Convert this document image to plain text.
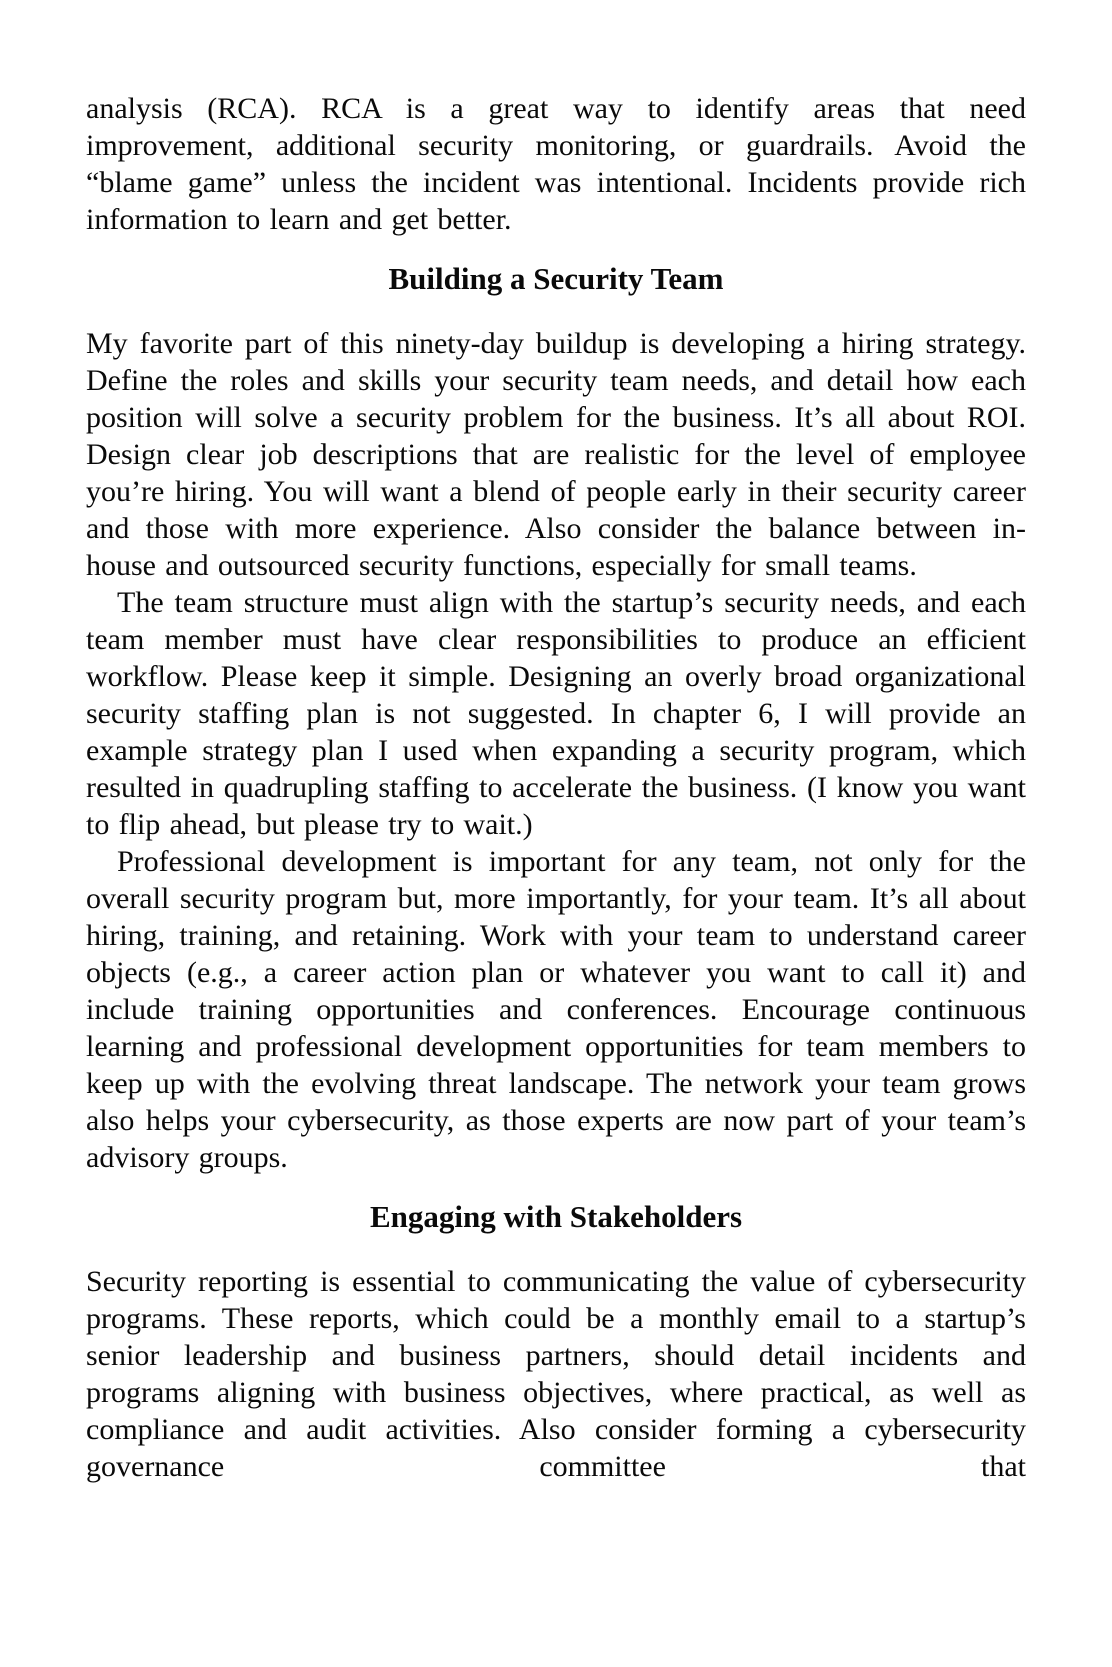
analysis (RCA). RCA is a great way to identify areas that need improvement, additional security monitoring, or guardrails. Avoid the “blame game” unless the incident was intentional. Incidents provide rich information to learn and get better.

Building a Security Team

My favorite part of this ninety-day buildup is developing a hiring strategy. Define the roles and skills your security team needs, and detail how each position will solve a security problem for the business. It’s all about ROI. Design clear job descriptions that are realistic for the level of employee you’re hiring. You will want a blend of people early in their security career and those with more experience. Also consider the balance between in-house and outsourced security functions, especially for small teams.

The team structure must align with the startup’s security needs, and each team member must have clear responsibilities to produce an efficient workflow. Please keep it simple. Designing an overly broad organizational security staffing plan is not suggested. In chapter 6, I will provide an example strategy plan I used when expanding a security program, which resulted in quadrupling staffing to accelerate the business. (I know you want to flip ahead, but please try to wait.)

Professional development is important for any team, not only for the overall security program but, more importantly, for your team. It’s all about hiring, training, and retaining. Work with your team to understand career objects (e.g., a career action plan or whatever you want to call it) and include training opportunities and conferences. Encourage continuous learning and professional development opportunities for team members to keep up with the evolving threat landscape. The network your team grows also helps your cybersecurity, as those experts are now part of your team’s advisory groups.

Engaging with Stakeholders

Security reporting is essential to communicating the value of cybersecurity programs. These reports, which could be a monthly email to a startup’s senior leadership and business partners, should detail incidents and programs aligning with business objectives, where practical, as well as compliance and audit activities. Also consider forming a cybersecurity governance committee that
